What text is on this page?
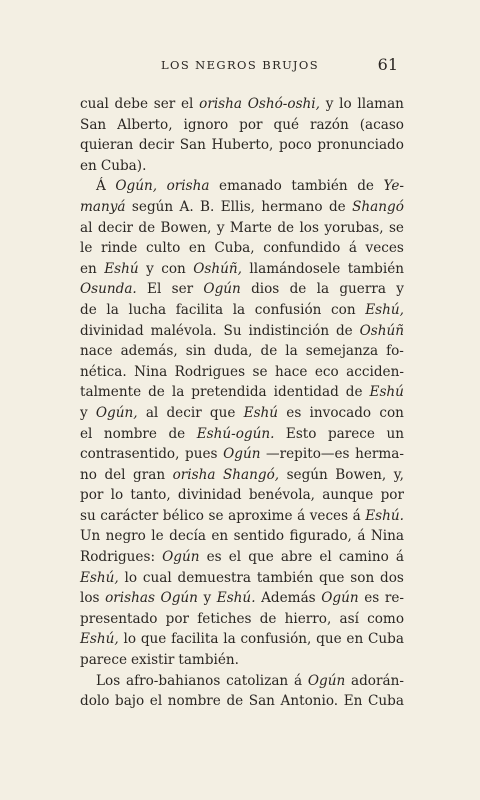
LOS NEGROS BRUJOS	61
cual debe ser el orisha Oshó-oshi, y lo llaman
San Alberto, ignoro por qué razón (acaso
quieran decir San Huberto, poco pronunciado
en Cuba).
Á Ogún, orisha emanado también de Ye-
manyá según A. B. Ellis, hermano de Shangó
al decir de Bowen, y Marte de los yorubas, se
le rinde culto en Cuba, confundido á veces
en Eshú y con Oshúñ, llamándosele también
Osunda. El ser Ogún dios de la guerra y
de la lucha facilita la confusión con Eshú,
divinidad malévola. Su indistinción de Oshúñ
nace además, sin duda, de la semejanza fo-
nética. Nina Rodrigues se hace eco acciden-
talmente de la pretendida identidad de Eshú
y Ogún, al decir que Eshú es invocado con
el nombre de Eshú-ogún. Esto parece un
contrasentido, pues Ogún —repito—es herma-
no del gran orisha Shangó, según Bowen, y,
por lo tanto, divinidad benévola, aunque por
su carácter bélico se aproxime á veces á Eshú.
Un negro le decía en sentido figurado, á Nina
Rodrigues: Ogún es el que abre el camino á
Eshú, lo cual demuestra también que son dos
los orishas Ogún y Eshú. Además Ogún es re-
presentado por fetiches de hierro, así como
Eshú, lo que facilita la confusión, que en Cuba
parece existir también.
Los afro-bahianos catolizan á Ogún adorán-
dolo bajo el nombre de San Antonio. En Cuba
